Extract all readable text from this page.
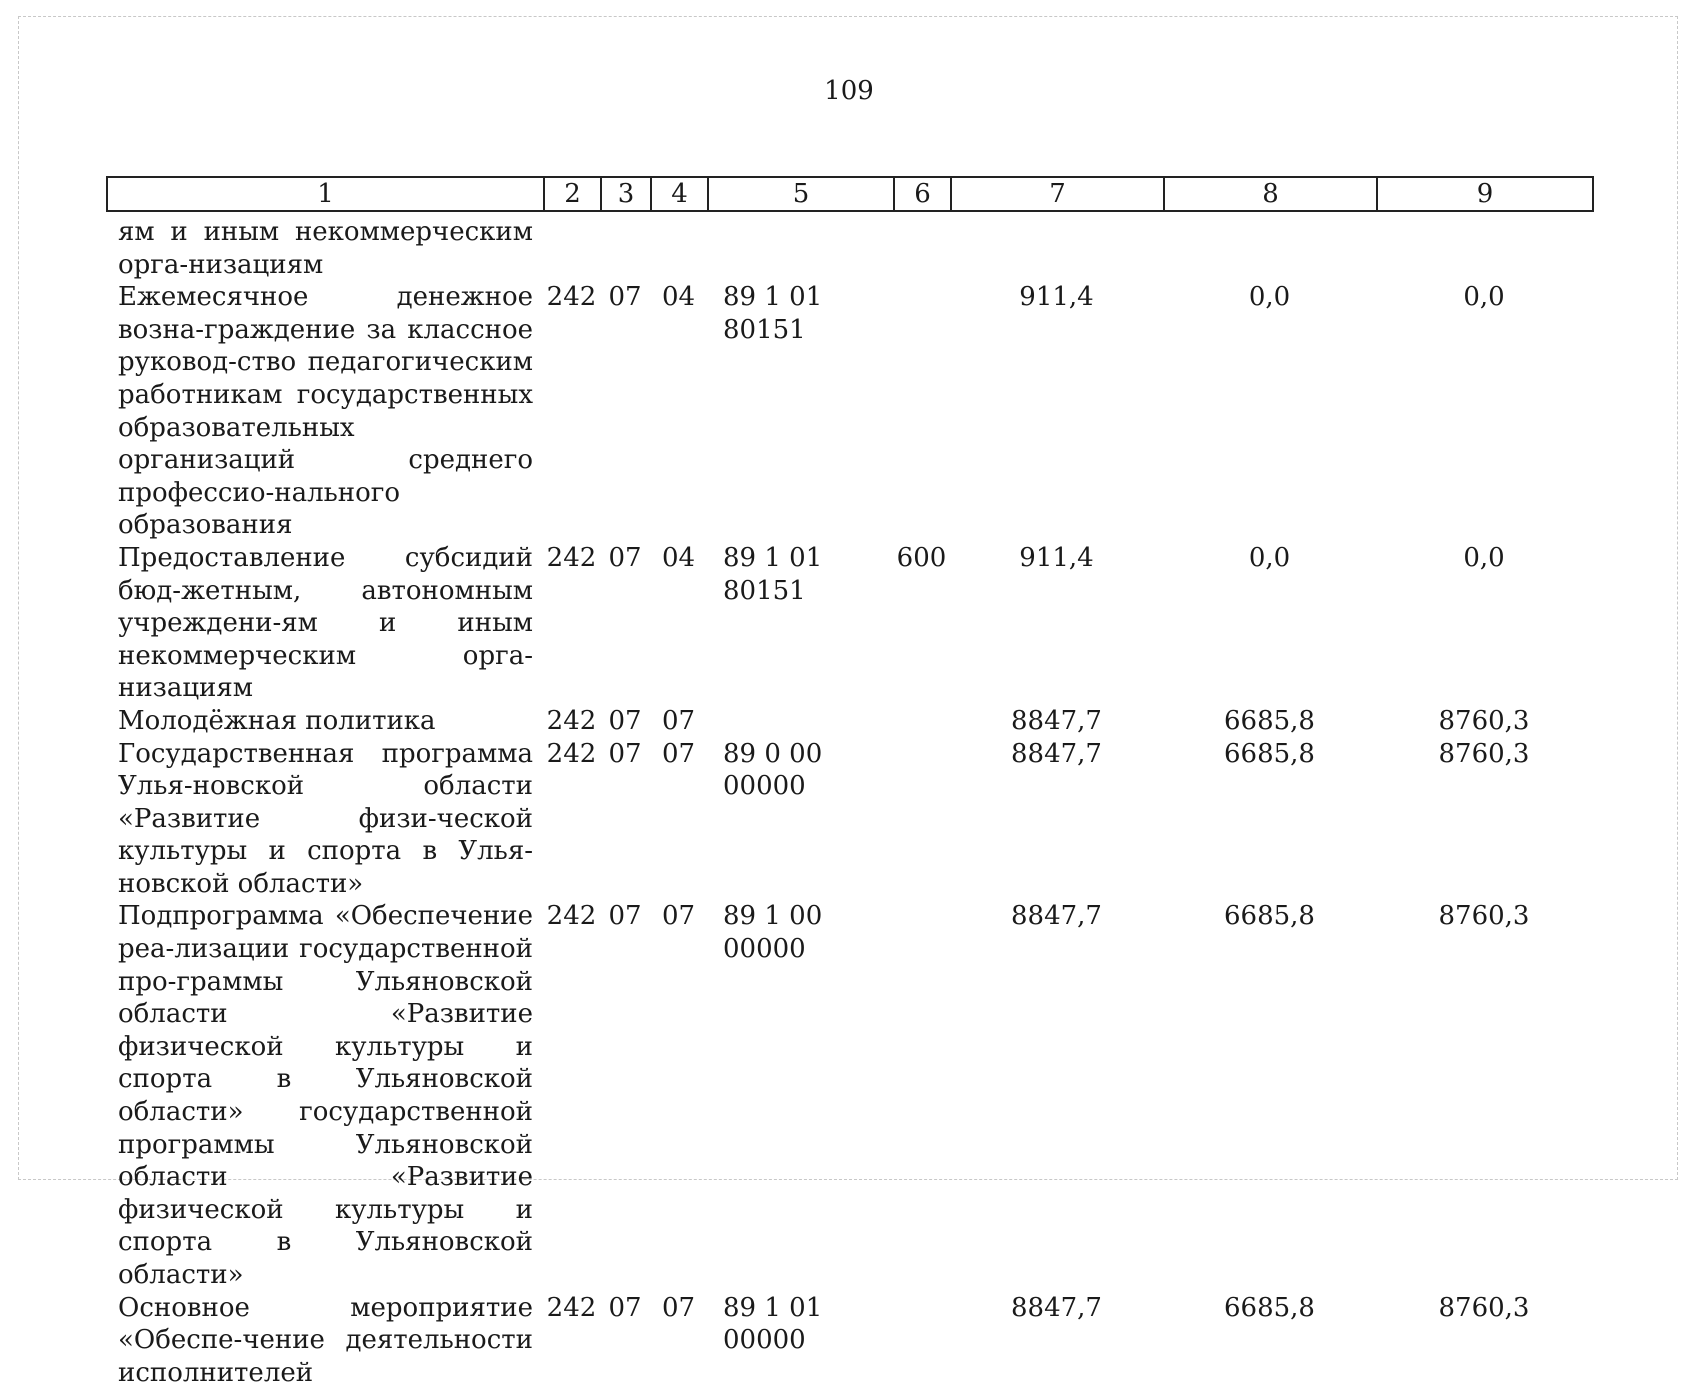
109
1	2	3	4	5	6	7	8	9
ям и иным некоммерческим орга-низациям								
Ежемесячное денежное возна-граждение за классное руковод-ство педагогическим работникам государственных образовательных организаций среднего профессио-нального образования	242	07	04	89 1 01 80151		911,4	0,0	0,0
Предоставление субсидий бюд-жетным, автономным учреждени-ям и иным некоммерческим орга-низациям	242	07	04	89 1 01 80151	600	911,4	0,0	0,0
Молодёжная политика	242	07	07			8847,7	6685,8	8760,3
Государственная программа Улья-новской области «Развитие физи-ческой культуры и спорта в Улья-новской области»	242	07	07	89 0 00 00000		8847,7	6685,8	8760,3
Подпрограмма «Обеспечение реа-лизации государственной про-граммы Ульяновской области «Развитие физической культуры и спорта в Ульяновской области» государственной программы Ульяновской области «Развитие физической культуры и спорта в Ульяновской области»	242	07	07	89 1 00 00000		8847,7	6685,8	8760,3
Основное мероприятие «Обеспе-чение деятельности исполнителей	242	07	07	89 1 01 00000		8847,7	6685,8	8760,3
